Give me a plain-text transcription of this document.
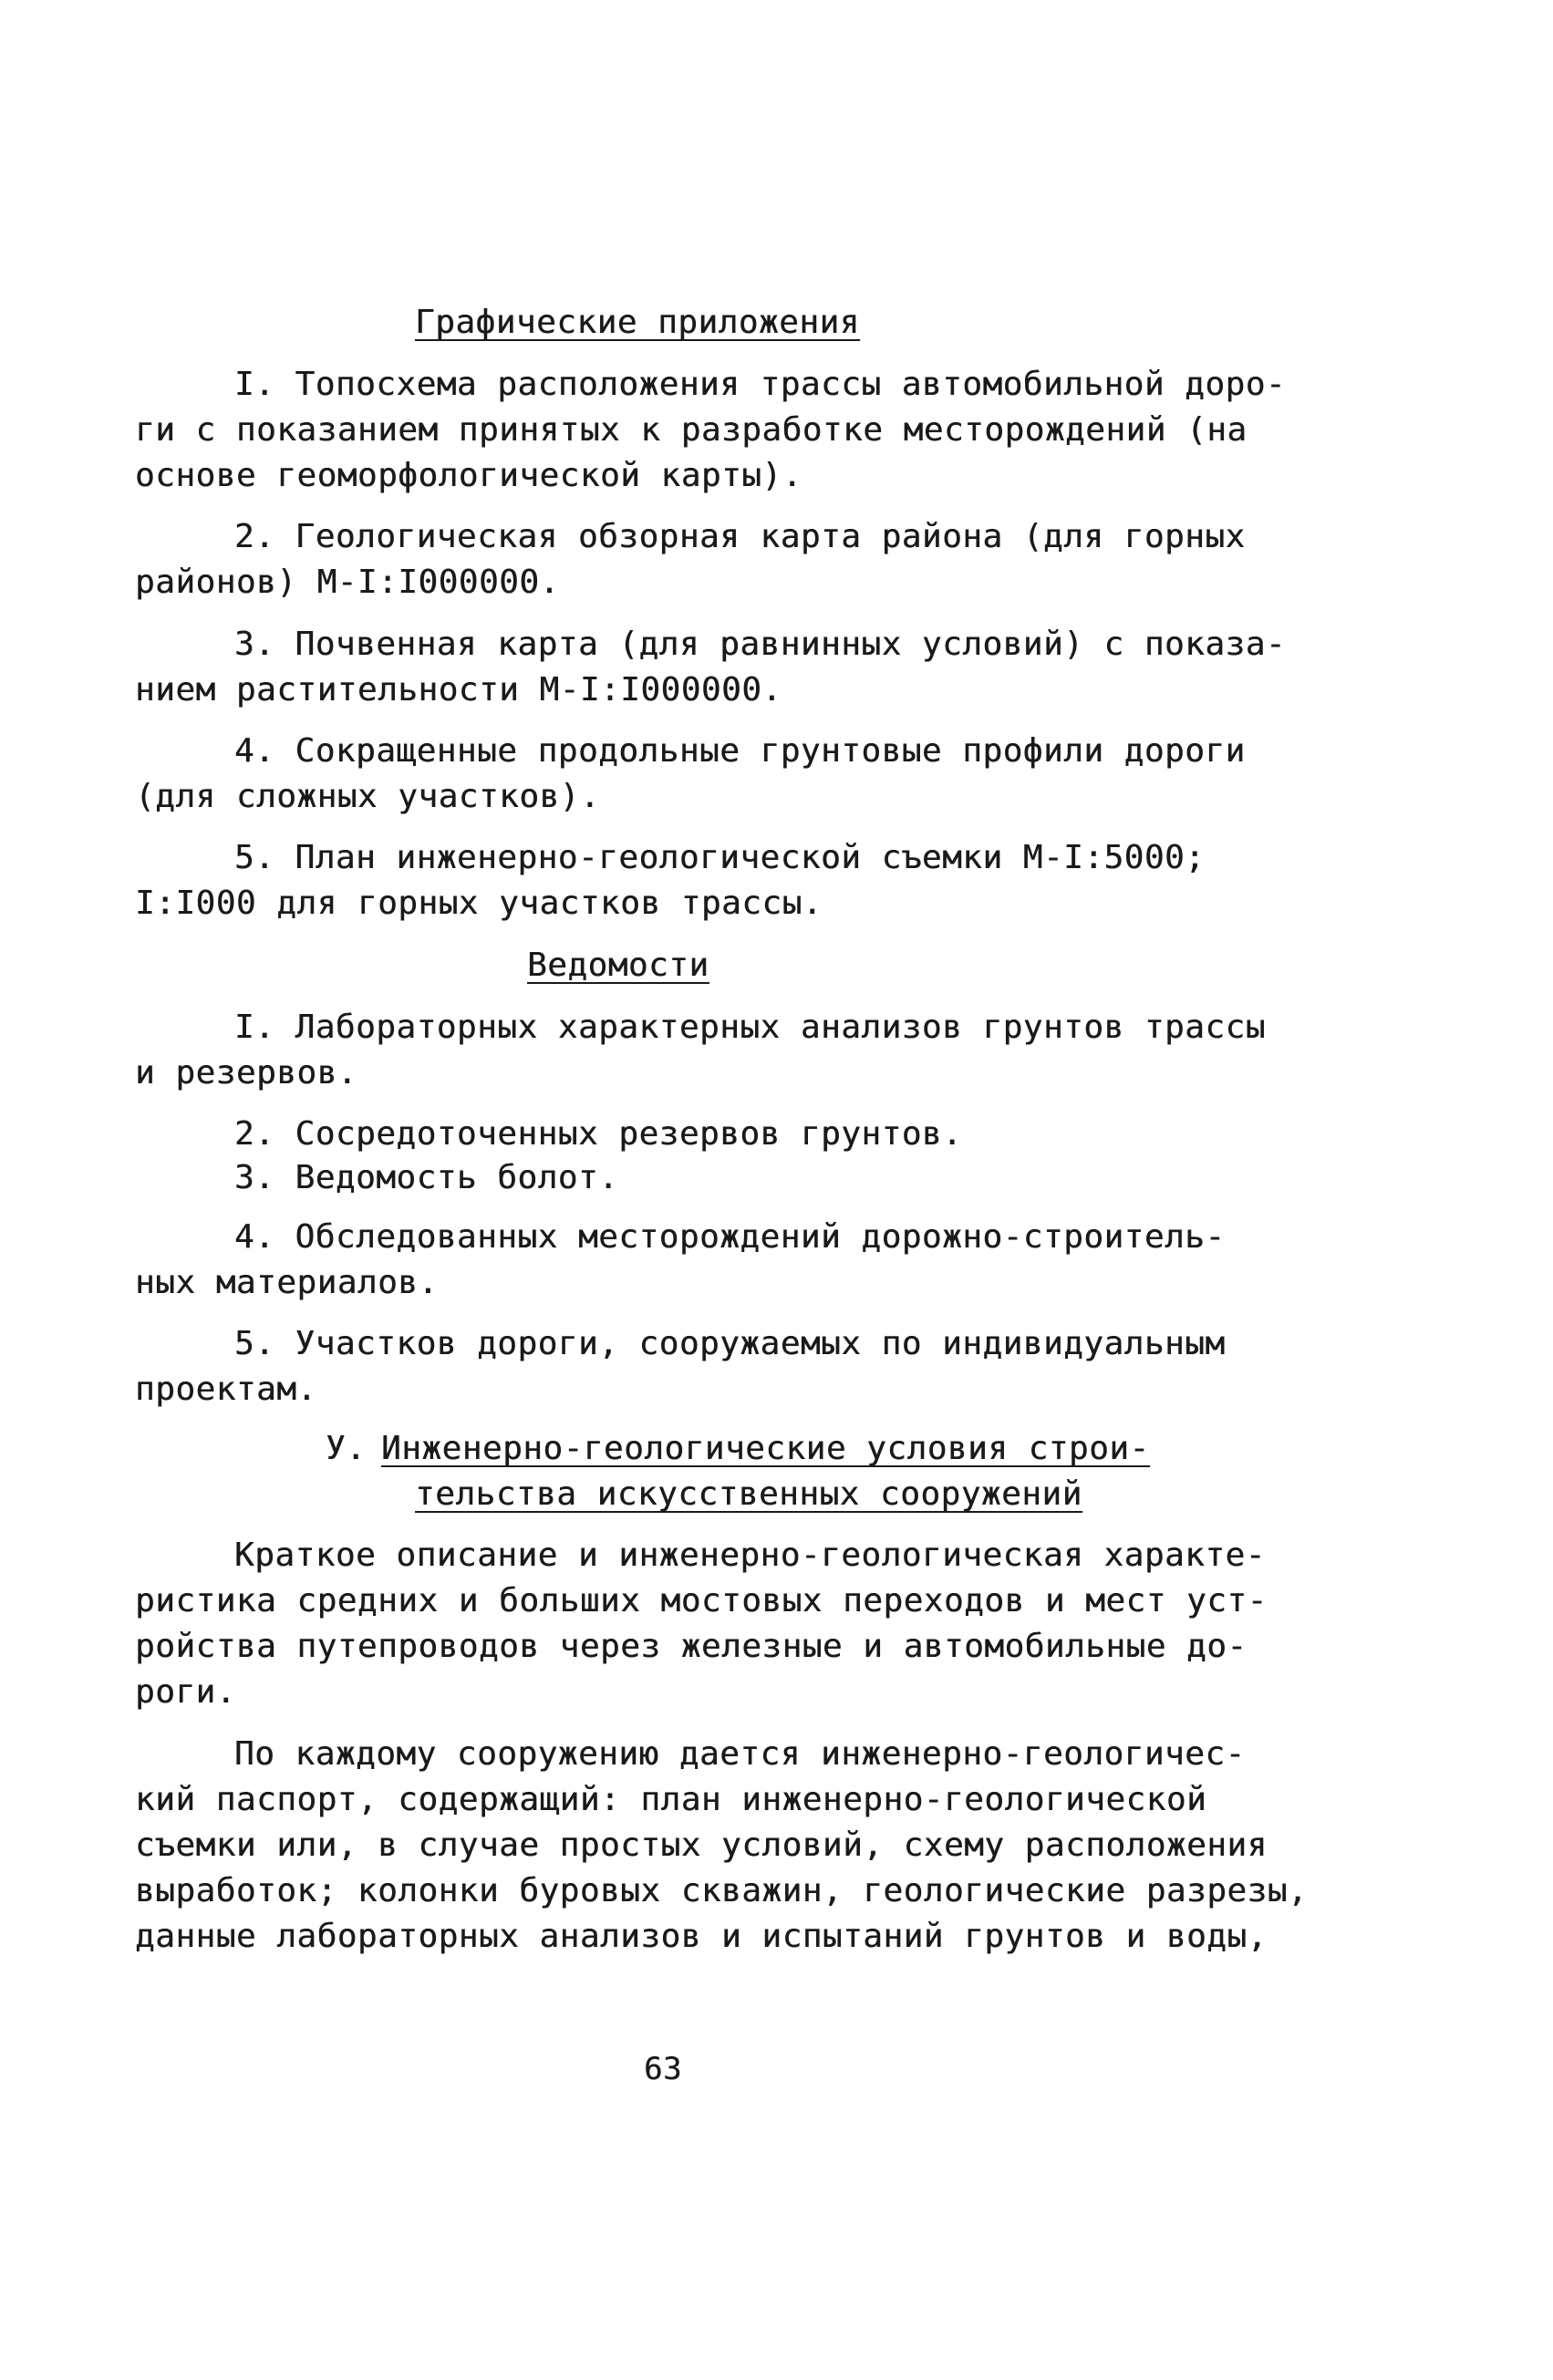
Графические приложения
I. Топосхема расположения трассы автомобильной доро-
ги с показанием принятых к разработке месторождений (на
основе геоморфологической карты).
2. Геологическая обзорная карта района (для горных
районов) М-I:I000000.
3. Почвенная карта (для равнинных условий) с показа-
нием растительности М-I:I000000.
4. Сокращенные продольные грунтовые профили дороги
(для сложных участков).
5. План инженерно-геологической съемки М-I:5000;
I:I000 для горных участков трассы.
Ведомости
I. Лабораторных характерных анализов грунтов трассы
и резервов.
2. Сосредоточенных резервов грунтов.
3. Ведомость болот.
4. Обследованных месторождений дорожно-строитель-
ных материалов.
5. Участков дороги, сооружаемых по индивидуальным
проектам.
У. Инженерно-геологические условия строи-
тельства искусственных сооружений
Краткое описание и инженерно-геологическая характе-
ристика средних и больших мостовых переходов и мест уст-
ройства путепроводов через железные и автомобильные до-
роги.
По каждому сооружению дается инженерно-геологичес-
кий паспорт, содержащий: план инженерно-геологической
съемки или, в случае простых условий, схему расположения
выработок; колонки буровых скважин, геологические разрезы,
данные лабораторных анализов и испытаний грунтов и воды,
63
